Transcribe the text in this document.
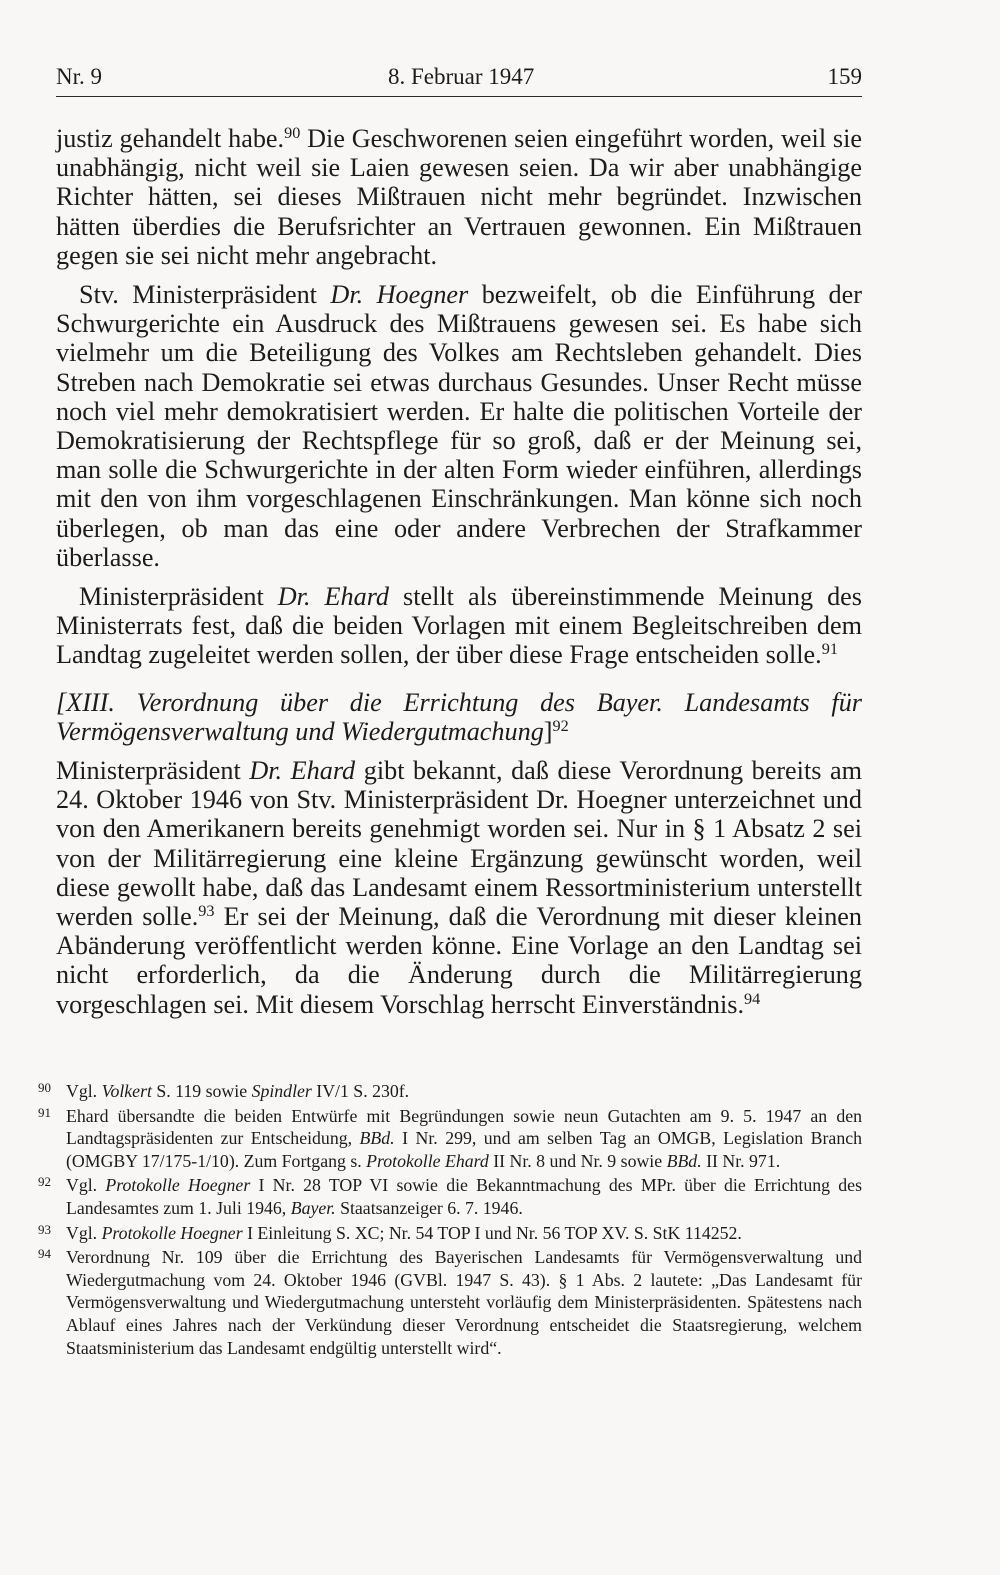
Nr. 9	8. Februar 1947	159

justiz gehandelt habe.$^{90}$ Die Geschworenen seien eingeführt worden, weil sie unabhängig, nicht weil sie Laien gewesen seien. Da wir aber unabhängige Richter hätten, sei dieses Mißtrauen nicht mehr begründet. Inzwischen hätten überdies die Berufsrichter an Vertrauen gewonnen. Ein Mißtrauen gegen sie sei nicht mehr angebracht.

Stv. Ministerpräsident Dr. Hoegner bezweifelt, ob die Einführung der Schwurgerichte ein Ausdruck des Mißtrauens gewesen sei. Es habe sich vielmehr um die Beteiligung des Volkes am Rechtsleben gehandelt. Dies Streben nach Demokratie sei etwas durchaus Gesundes. Unser Recht müsse noch viel mehr demokratisiert werden. Er halte die politischen Vorteile der Demokratisierung der Rechtspflege für so groß, daß er der Meinung sei, man solle die Schwurgerichte in der alten Form wieder einführen, allerdings mit den von ihm vorgeschlagenen Einschränkungen. Man könne sich noch überlegen, ob man das eine oder andere Verbrechen der Strafkammer überlasse.

Ministerpräsident Dr. Ehard stellt als übereinstimmende Meinung des Ministerrats fest, daß die beiden Vorlagen mit einem Begleitschreiben dem Landtag zugeleitet werden sollen, der über diese Frage entscheiden solle.$^{91}$

[XIII. Verordnung über die Errichtung des Bayer. Landesamts für Vermögensverwaltung und Wiedergutmachung]$^{92}$

Ministerpräsident Dr. Ehard gibt bekannt, daß diese Verordnung bereits am 24. Oktober 1946 von Stv. Ministerpräsident Dr. Hoegner unterzeichnet und von den Amerikanern bereits genehmigt worden sei. Nur in § 1 Absatz 2 sei von der Militärregierung eine kleine Ergänzung gewünscht worden, weil diese gewollt habe, daß das Landesamt einem Ressortministerium unterstellt werden solle.$^{93}$ Er sei der Meinung, daß die Verordnung mit dieser kleinen Abänderung veröffentlicht werden könne. Eine Vorlage an den Landtag sei nicht erforderlich, da die Änderung durch die Militärregierung vorgeschlagen sei. Mit diesem Vorschlag herrscht Einverständnis.$^{94}$

90 Vgl. Volkert S. 119 sowie Spindler IV/1 S. 230f.
91 Ehard übersandte die beiden Entwürfe mit Begründungen sowie neun Gutachten am 9. 5. 1947 an den Landtagspräsidenten zur Entscheidung, BBd. I Nr. 299, und am selben Tag an OMGB, Legislation Branch (OMGBY 17/175-1/10). Zum Fortgang s. Protokolle Ehard II Nr. 8 und Nr. 9 sowie BBd. II Nr. 971.
92 Vgl. Protokolle Hoegner I Nr. 28 TOP VI sowie die Bekanntmachung des MPr. über die Errichtung des Landesamtes zum 1. Juli 1946, Bayer. Staatsanzeiger 6. 7. 1946.
93 Vgl. Protokolle Hoegner I Einleitung S. XC; Nr. 54 TOP I und Nr. 56 TOP XV. S. StK 114252.
94 Verordnung Nr. 109 über die Errichtung des Bayerischen Landesamts für Vermögensverwaltung und Wiedergutmachung vom 24. Oktober 1946 (GVBl. 1947 S. 43). § 1 Abs. 2 lautete: „Das Landesamt für Vermögensverwaltung und Wiedergutmachung untersteht vorläufig dem Ministerpräsidenten. Spätestens nach Ablauf eines Jahres nach der Verkündung dieser Verordnung entscheidet die Staatsregierung, welchem Staatsministerium das Landesamt endgültig unterstellt wird“.
